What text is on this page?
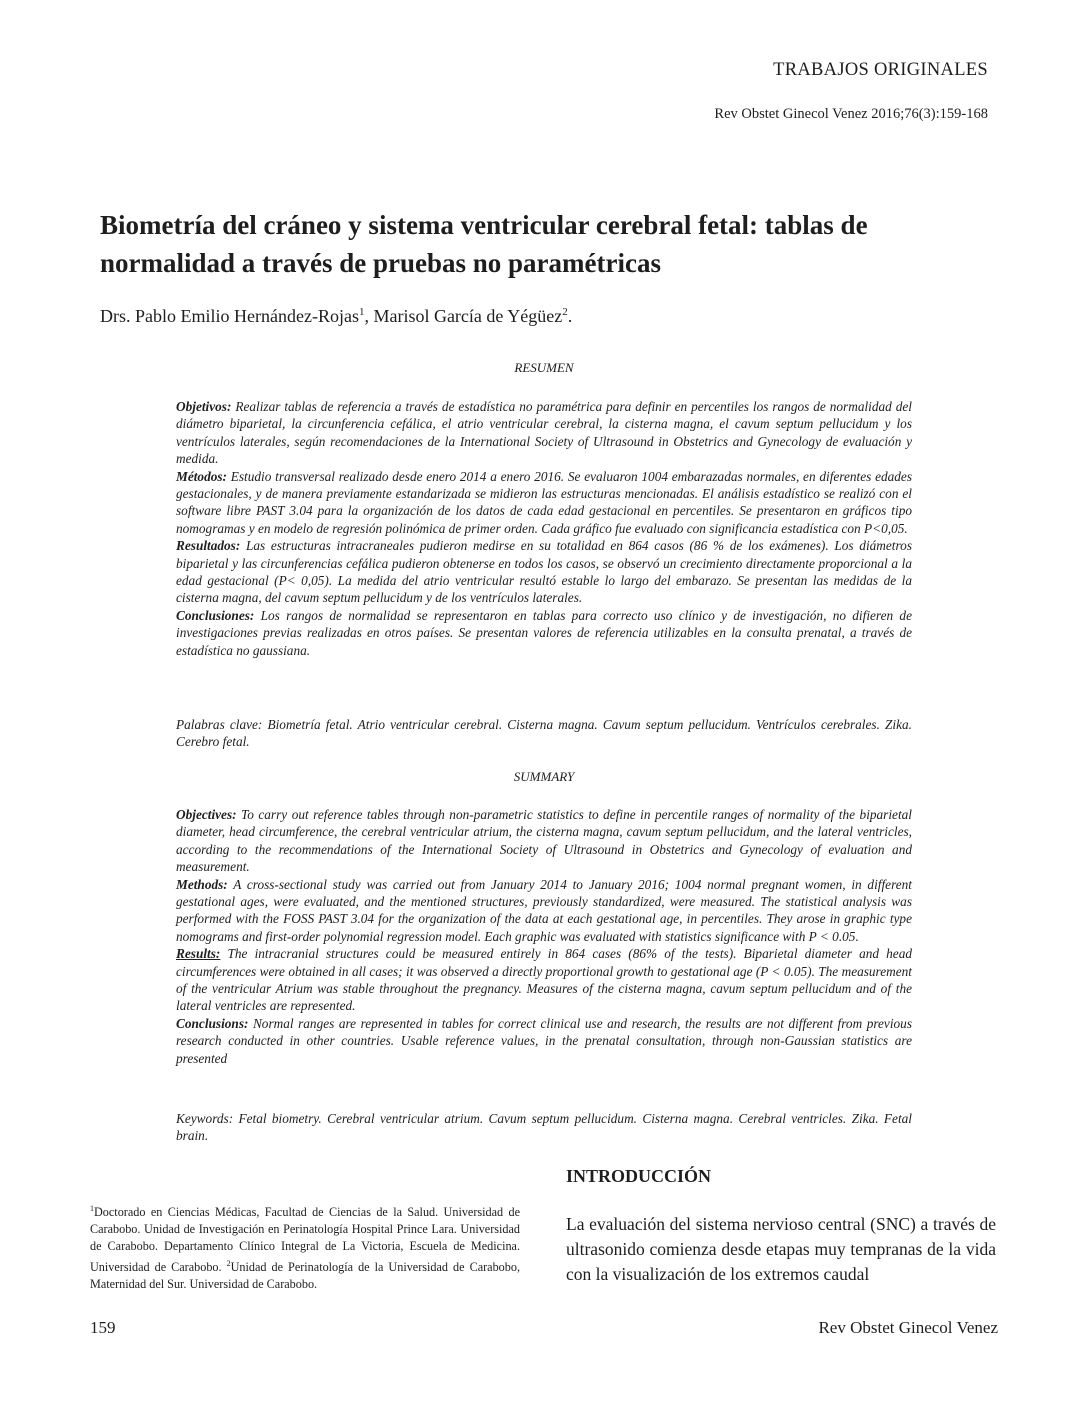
TRABAJOS ORIGINALES
Rev Obstet Ginecol Venez 2016;76(3):159-168
Biometría del cráneo y sistema ventricular cerebral fetal: tablas de normalidad a través de pruebas no paramétricas
Drs. Pablo Emilio Hernández-Rojas$^1$, Marisol García de Yégüez$^2$.
RESUMEN

Objetivos: Realizar tablas de referencia a través de estadística no paramétrica para definir en percentiles los rangos de normalidad del diámetro biparietal, la circunferencia cefálica, el atrio ventricular cerebral, la cisterna magna, el cavum septum pellucidum y los ventrículos laterales, según recomendaciones de la International Society of Ultrasound in Obstetrics and Gynecology de evaluación y medida.

Métodos: Estudio transversal realizado desde enero 2014 a enero 2016. Se evaluaron 1004 embarazadas normales, en diferentes edades gestacionales, y de manera previamente estandarizada se midieron las estructuras mencionadas. El análisis estadístico se realizó con el software libre PAST 3.04 para la organización de los datos de cada edad gestacional en percentiles. Se presentaron en gráficos tipo nomogramas y en modelo de regresión polinómica de primer orden. Cada gráfico fue evaluado con significancia estadística con P<0,05.

Resultados: Las estructuras intracraneales pudieron medirse en su totalidad en 864 casos (86 % de los exámenes). Los diámetros biparietal y las circunferencias cefálica pudieron obtenerse en todos los casos, se observó un crecimiento directamente proporcional a la edad gestacional (P< 0,05). La medida del atrio ventricular resultó estable lo largo del embarazo. Se presentan las medidas de la cisterna magna, del cavum septum pellucidum y de los ventrículos laterales.

Conclusiones: Los rangos de normalidad se representaron en tablas para correcto uso clínico y de investigación, no difieren de investigaciones previas realizadas en otros países. Se presentan valores de referencia utilizables en la consulta prenatal, a través de estadística no gaussiana.

Palabras clave: Biometría fetal. Atrio ventricular cerebral. Cisterna magna. Cavum septum pellucidum. Ventrículos cerebrales. Zika. Cerebro fetal.
SUMMARY

Objectives: To carry out reference tables through non-parametric statistics to define in percentile ranges of normality of the biparietal diameter, head circumference, the cerebral ventricular atrium, the cisterna magna, cavum septum pellucidum, and the lateral ventricles, according to the recommendations of the International Society of Ultrasound in Obstetrics and Gynecology of evaluation and measurement.

Methods: A cross-sectional study was carried out from January 2014 to January 2016; 1004 normal pregnant women, in different gestational ages, were evaluated, and the mentioned structures, previously standardized, were measured. The statistical analysis was performed with the FOSS PAST 3.04 for the organization of the data at each gestational age, in percentiles. They arose in graphic type nomograms and first-order polynomial regression model. Each graphic was evaluated with statistics significance with P < 0.05.

Results: The intracranial structures could be measured entirely in 864 cases (86% of the tests). Biparietal diameter and head circumferences were obtained in all cases; it was observed a directly proportional growth to gestational age (P < 0.05). The measurement of the ventricular Atrium was stable throughout the pregnancy. Measures of the cisterna magna, cavum septum pellucidum and of the lateral ventricles are represented.

Conclusions: Normal ranges are represented in tables for correct clinical use and research, the results are not different from previous research conducted in other countries. Usable reference values, in the prenatal consultation, through non-Gaussian statistics are presented

Keywords: Fetal biometry. Cerebral ventricular atrium. Cavum septum pellucidum. Cisterna magna. Cerebral ventricles. Zika. Fetal brain.
$^1$Doctorado en Ciencias Médicas, Facultad de Ciencias de la Salud. Universidad de Carabobo. Unidad de Investigación en Perinatología Hospital Prince Lara. Universidad de Carabobo. Departamento Clínico Integral de La Victoria, Escuela de Medicina. Universidad de Carabobo. $^2$Unidad de Perinatología de la Universidad de Carabobo, Maternidad del Sur. Universidad de Carabobo.
INTRODUCCIÓN
La evaluación del sistema nervioso central (SNC) a través de ultrasonido comienza desde etapas muy tempranas de la vida con la visualización de los extremos caudal
159	Rev Obstet Ginecol Venez
